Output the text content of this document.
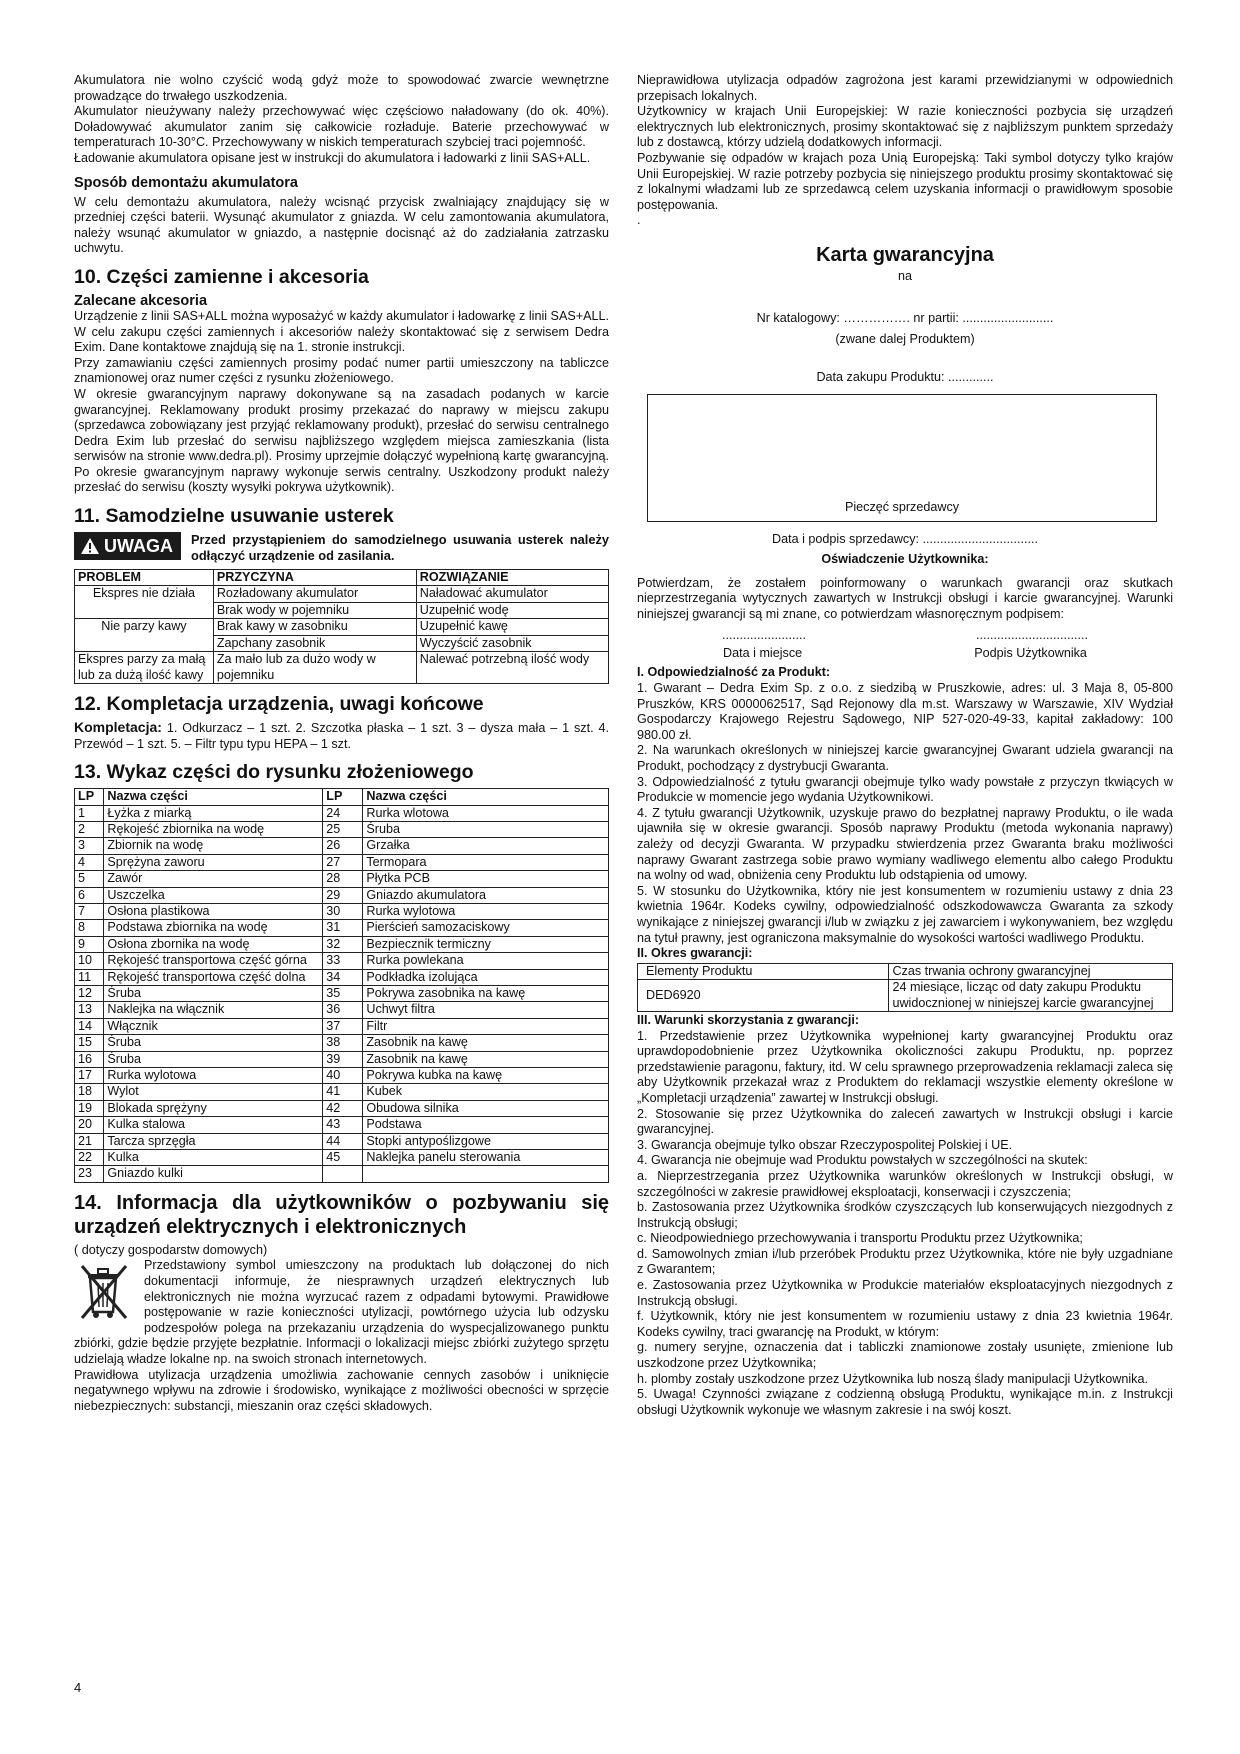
Akumulatora nie wolno czyścić wodą gdyż może to spowodować zwarcie wewnętrzne prowadzące do trwałego uszkodzenia.

Akumulator nieużywany należy przechowywać więc częściowo naładowany (do ok. 40%). Doładowywać akumulator zanim się całkowicie rozładuje. Baterie przechowywać w temperaturach 10-30°C. Przechowywany w niskich temperaturach szybciej traci pojemność.

Ładowanie akumulatora opisane jest w instrukcji do akumulatora i ładowarki z linii SAS+ALL.

Sposób demontażu akumulatora

W celu demontażu akumulatora, należy wcisnąć przycisk zwalniający znajdujący się w przedniej części baterii. Wysunąć akumulator z gniazda. W celu zamontowania akumulatora, należy wsunąć akumulator w gniazdo, a następnie docisnąć aż do zadziałania zatrzasku uchwytu.

10. Części zamienne i akcesoria
Zalecane akcesoria

Urządzenie z linii SAS+ALL można wyposażyć w każdy akumulator i ładowarkę z linii SAS+ALL.

W celu zakupu części zamiennych i akcesoriów należy skontaktować się z serwisem Dedra Exim. Dane kontaktowe znajdują się na 1. stronie instrukcji.

Przy zamawianiu części zamiennych prosimy podać numer partii umieszczony na tabliczce znamionowej oraz numer części z rysunku złożeniowego.

W okresie gwarancyjnym naprawy dokonywane są na zasadach podanych w karcie gwarancyjnej. Reklamowany produkt prosimy przekazać do naprawy w miejscu zakupu (sprzedawca zobowiązany jest przyjąć reklamowany produkt), przesłać do serwisu centralnego Dedra Exim lub przesłać do serwisu najbliższego względem miejsca zamieszkania (lista serwisów na stronie www.dedra.pl). Prosimy uprzejmie dołączyć wypełnioną kartę gwarancyjną. Po okresie gwarancyjnym naprawy wykonuje serwis centralny. Uszkodzony produkt należy przesłać do serwisu (koszty wysyłki pokrywa użytkownik).

11. Samodzielne usuwanie usterek
UWAGA Przed przystąpieniem do samodzielnego usuwania usterek należy odłączyć urządzenie od zasilania.
PROBLEM	PRZYCZYNA	ROZWIĄZANIE
Ekspres nie działa	Rozładowany akumulator	Naładować akumulator
	Brak wody w pojemniku	Uzupełnić wodę
Nie parzy kawy	Brak kawy w zasobniku	Uzupełnić kawę
	Zapchany zasobnik	Wyczyścić zasobnik
Ekspres parzy za małą lub za dużą ilość kawy	Za mało lub za dużo wody w pojemniku	Nalewać potrzebną ilość wody
12. Kompletacja urządzenia, uwagi końcowe

Kompletacja: 1. Odkurzacz – 1 szt. 2. Szczotka płaska – 1 szt. 3 – dysza mała – 1 szt. 4. Przewód – 1 szt. 5. – Filtr typu typu HEPA – 1 szt.

13. Wykaz części do rysunku złożeniowego
LP	Nazwa części	LP	Nazwa części
1	Łyżka z miarką	24	Rurka wlotowa
2	Rękojeść zbiornika na wodę	25	Śruba
3	Zbiornik na wodę	26	Grzałka
4	Sprężyna zaworu	27	Termopara
5	Zawór	28	Płytka PCB
6	Uszczelka	29	Gniazdo akumulatora
7	Osłona plastikowa	30	Rurka wylotowa
8	Podstawa zbiornika na wodę	31	Pierścień samozaciskowy
9	Osłona zbornika na wodę	32	Bezpiecznik termiczny
10	Rękojeść transportowa część górna	33	Rurka powlekana
11	Rękojeść transportowa część dolna	34	Podkładka izolująca
12	Śruba	35	Pokrywa zasobnika na kawę
13	Naklejka na włącznik	36	Uchwyt filtra
14	Włącznik	37	Filtr
15	Śruba	38	Zasobnik na kawę
16	Śruba	39	Zasobnik na kawę
17	Rurka wylotowa	40	Pokrywa kubka na kawę
18	Wylot	41	Kubek
19	Blokada sprężyny	42	Obudowa silnika
20	Kulka stalowa	43	Podstawa
21	Tarcza sprzęgła	44	Stopki antypoślizgowe
22	Kulka	45	Naklejka panelu sterowania
23	Gniazdo kulki		
14. Informacja dla użytkowników o pozbywaniu się urządzeń elektrycznych i elektronicznych

( dotyczy gospodarstw domowych)

Przedstawiony symbol umieszczony na produktach lub dołączonej do nich dokumentacji informuje, że niesprawnych urządzeń elektrycznych lub elektronicznych nie można wyrzucać razem z odpadami bytowymi. Prawidłowe postępowanie w razie konieczności utylizacji, powtórnego użycia lub odzysku podzespołów polega na przekazaniu urządzenia do wyspecjalizowanego punktu zbiórki, gdzie będzie przyjęte bezpłatnie. Informacji o lokalizacji miejsc zbiórki zużytego sprzętu udzielają władze lokalne np. na swoich stronach internetowych.

Prawidłowa utylizacja urządzenia umożliwia zachowanie cennych zasobów i uniknięcie negatywnego wpływu na zdrowie i środowisko, wynikające z możliwości obecności w sprzęcie niebezpiecznych: substancji, mieszanin oraz części składowych.

Nieprawidłowa utylizacja odpadów zagrożona jest karami przewidzianymi w odpowiednich przepisach lokalnych.

Użytkownicy w krajach Unii Europejskiej: W razie konieczności pozbycia się urządzeń elektrycznych lub elektronicznych, prosimy skontaktować się z najbliższym punktem sprzedaży lub z dostawcą, którzy udzielą dodatkowych informacji.

Pozbywanie się odpadów w krajach poza Unią Europejską: Taki symbol dotyczy tylko krajów Unii Europejskiej. W razie potrzeby pozbycia się niniejszego produktu prosimy skontaktować się z lokalnymi władzami lub ze sprzedawcą celem uzyskania informacji o prawidłowym sposobie postępowania.

.

Karta gwarancyjna
na
Nr katalogowy: ……………. nr partii: ..........................
(zwane dalej Produktem)
Data zakupu Produktu: .............
Pieczęć sprzedawcy
Data i podpis sprzedawcy: .................................
Oświadczenie Użytkownika:

Potwierdzam, że zostałem poinformowany o warunkach gwarancji oraz skutkach nieprzestrzegania wytycznych zawartych w Instrukcji obsługi i karcie gwarancyjnej. Warunki niniejszej gwarancji są mi znane, co potwierdzam własnoręcznym podpisem:

........................	................................
Data i miejsce	Podpis Użytkownika

I. Odpowiedzialność za Produkt:

1. Gwarant – Dedra Exim Sp. z o.o. z siedzibą w Pruszkowie, adres: ul. 3 Maja 8, 05-800 Pruszków, KRS 0000062517, Sąd Rejonowy dla m.st. Warszawy w Warszawie, XIV Wydział Gospodarczy Krajowego Rejestru Sądowego, NIP 527-020-49-33, kapitał zakładowy: 100 980.00 zł.

2. Na warunkach określonych w niniejszej karcie gwarancyjnej Gwarant udziela gwarancji na Produkt, pochodzący z dystrybucji Gwaranta.

3. Odpowiedzialność z tytułu gwarancji obejmuje tylko wady powstałe z przyczyn tkwiących w Produkcie w momencie jego wydania Użytkownikowi.

4. Z tytułu gwarancji Użytkownik, uzyskuje prawo do bezpłatnej naprawy Produktu, o ile wada ujawniła się w okresie gwarancji. Sposób naprawy Produktu (metoda wykonania naprawy) zależy od decyzji Gwaranta. W przypadku stwierdzenia przez Gwaranta braku możliwości naprawy Gwarant zastrzega sobie prawo wymiany wadliwego elementu albo całego Produktu na wolny od wad, obniżenia ceny Produktu lub odstąpienia od umowy.

5. W stosunku do Użytkownika, który nie jest konsumentem w rozumieniu ustawy z dnia 23 kwietnia 1964r. Kodeks cywilny, odpowiedzialność odszkodowawcza Gwaranta za szkody wynikające z niniejszej gwarancji i/lub w związku z jej zawarciem i wykonywaniem, bez względu na tytuł prawny, jest ograniczona maksymalnie do wysokości wartości wadliwego Produktu.

II. Okres gwarancji:

Elementy Produktu	Czas trwania ochrony gwarancyjnej
DED6920	24 miesiące, licząc od daty zakupu Produktu uwidocznionej w niniejszej karcie gwarancyjnej

III. Warunki skorzystania z gwarancji:

1. Przedstawienie przez Użytkownika wypełnionej karty gwarancyjnej Produktu oraz uprawdopodobnienie przez Użytkownika okoliczności zakupu Produktu, np. poprzez przedstawienie paragonu, faktury, itd. W celu sprawnego przeprowadzenia reklamacji zaleca się aby Użytkownik przekazał wraz z Produktem do reklamacji wszystkie elementy określone w „Kompletacji urządzenia” zawartej w Instrukcji obsługi.

2. Stosowanie się przez Użytkownika do zaleceń zawartych w Instrukcji obsługi i karcie gwarancyjnej.

3. Gwarancja obejmuje tylko obszar Rzeczypospolitej Polskiej i UE.

4. Gwarancja nie obejmuje wad Produktu powstałych w szczególności na skutek:

a. Nieprzestrzegania przez Użytkownika warunków określonych w Instrukcji obsługi, w szczególności w zakresie prawidłowej eksploatacji, konserwacji i czyszczenia;

b. Zastosowania przez Użytkownika środków czyszczących lub konserwujących niezgodnych z Instrukcją obsługi;

c. Nieodpowiedniego przechowywania i transportu Produktu przez Użytkownika;

d. Samowolnych zmian i/lub przeróbek Produktu przez Użytkownika, które nie były uzgadniane z Gwarantem;

e. Zastosowania przez Użytkownika w Produkcie materiałów eksploatacyjnych niezgodnych z Instrukcją obsługi.

f. Użytkownik, który nie jest konsumentem w rozumieniu ustawy z dnia 23 kwietnia 1964r. Kodeks cywilny, traci gwarancję na Produkt, w którym:

g. numery seryjne, oznaczenia dat i tabliczki znamionowe zostały usunięte, zmienione lub uszkodzone przez Użytkownika;

h. plomby zostały uszkodzone przez Użytkownika lub noszą ślady manipulacji Użytkownika.

5. Uwaga! Czynności związane z codzienną obsługą Produktu, wynikające m.in. z Instrukcji obsługi Użytkownik wykonuje we własnym zakresie i na swój koszt.

4
